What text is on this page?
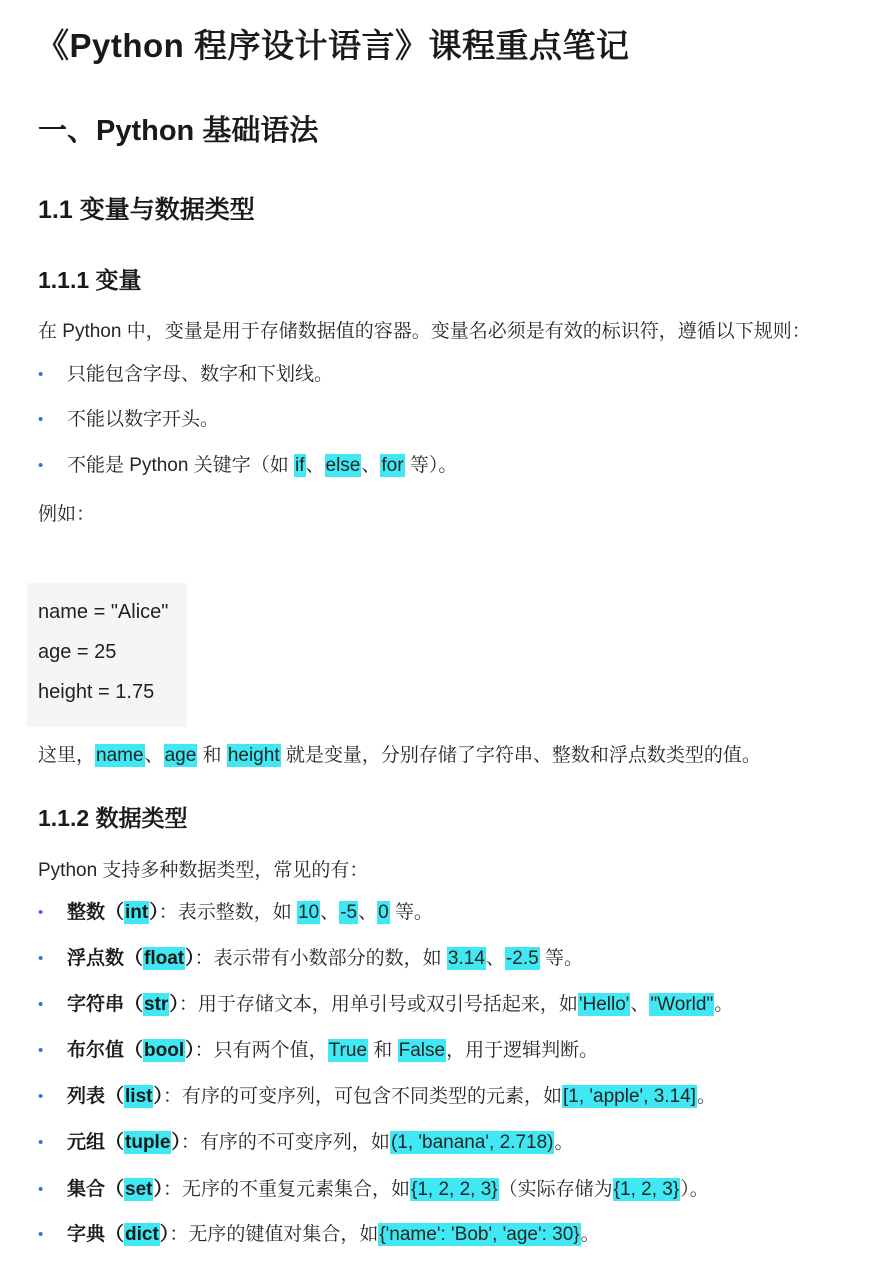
《Python 程序设计语言》课程重点笔记
一、Python 基础语法
1.1 变量与数据类型
1.1.1 变量
在 Python 中，变量是用于存储数据值的容器。变量名必须是有效的标识符，遵循以下规则：
• 只能包含字母、数字和下划线。
• 不能以数字开头。
• 不能是 Python 关键字（如 if、else、for 等）。
例如：
name = "Alice"
age = 25
height = 1.75
这里，name、age 和 height 就是变量，分别存储了字符串、整数和浮点数类型的值。
1.1.2 数据类型
Python 支持多种数据类型，常见的有：
• 整数（int）：表示整数，如 10、-5、0 等。
• 浮点数（float）：表示带有小数部分的数，如 3.14、-2.5 等。
• 字符串（str）：用于存储文本，用单引号或双引号括起来，如'Hello'、"World"。
• 布尔值（bool）：只有两个值，True 和 False，用于逻辑判断。
• 列表（list）：有序的可变序列，可包含不同类型的元素，如[1, 'apple', 3.14]。
• 元组（tuple）：有序的不可变序列，如(1, 'banana', 2.718)。
• 集合（set）：无序的不重复元素集合，如{1, 2, 2, 3}（实际存储为{1, 2, 3}）。
• 字典（dict）：无序的键值对集合，如{'name': 'Bob', 'age': 30}。
